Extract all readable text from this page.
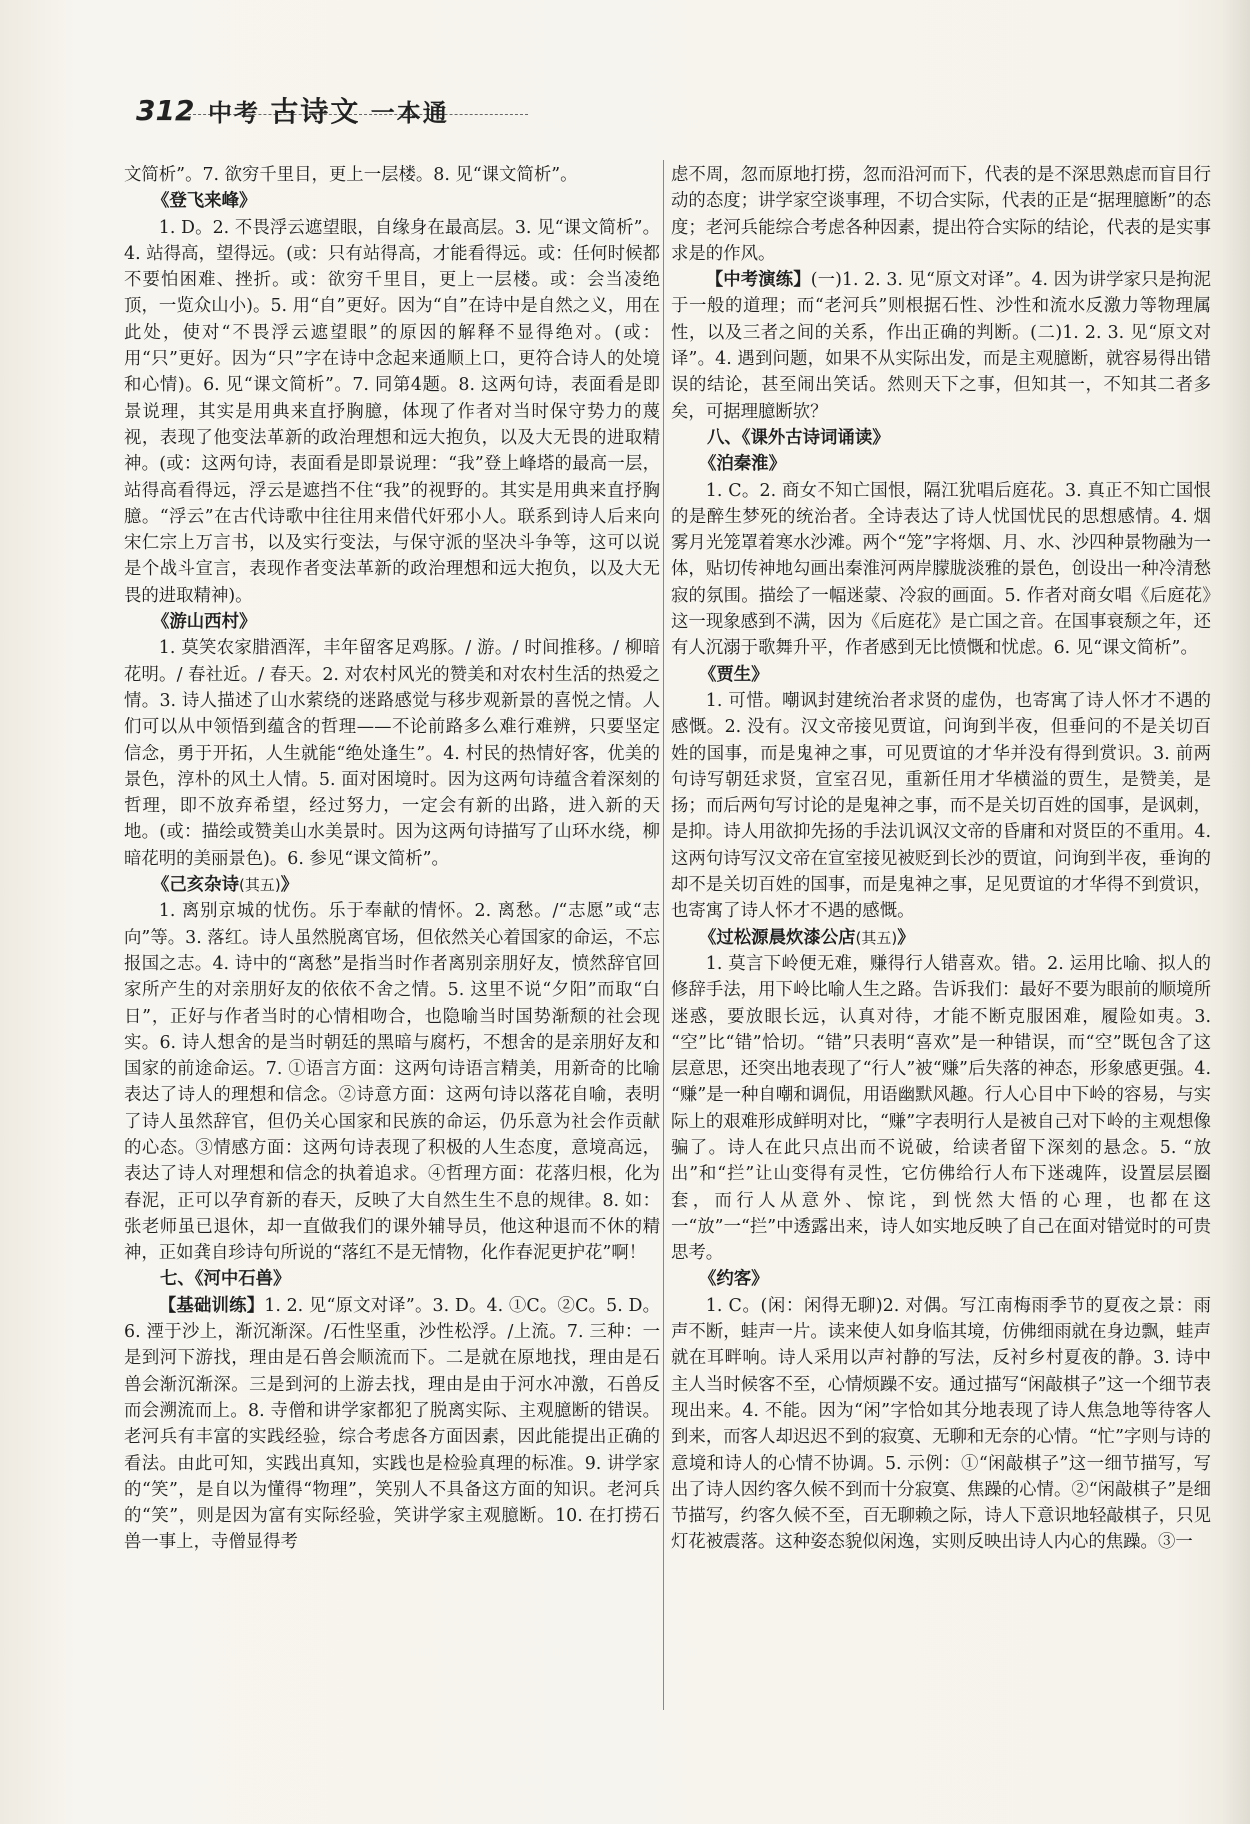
312 中考 古诗文 一本通

文简析”。7. 欲穷千里目，更上一层楼。8. 见“课文简析”。

《登飞来峰》

1. D。2. 不畏浮云遮望眼，自缘身在最高层。3. 见“课文简析”。4. 站得高，望得远。(或：只有站得高，才能看得远。或：任何时候都不要怕困难、挫折。或：欲穷千里目，更上一层楼。或：会当凌绝顶，一览众山小)。5. 用“自”更好。因为“自”在诗中是自然之义，用在此处，使对“不畏浮云遮望眼”的原因的解释不显得绝对。(或：用“只”更好。因为“只”字在诗中念起来通顺上口，更符合诗人的处境和心情)。6. 见“课文简析”。7. 同第4题。8. 这两句诗，表面看是即景说理，其实是用典来直抒胸臆，体现了作者对当时保守势力的蔑视，表现了他变法革新的政治理想和远大抱负，以及大无畏的进取精神。(或：这两句诗，表面看是即景说理：“我”登上峰塔的最高一层，站得高看得远，浮云是遮挡不住“我”的视野的。其实是用典来直抒胸臆。“浮云”在古代诗歌中往往用来借代奸邪小人。联系到诗人后来向宋仁宗上万言书，以及实行变法，与保守派的坚决斗争等，这可以说是个战斗宣言，表现作者变法革新的政治理想和远大抱负，以及大无畏的进取精神)。

《游山西村》

1. 莫笑农家腊酒浑，丰年留客足鸡豚。/ 游。/ 时间推移。/ 柳暗花明。/ 春社近。/ 春天。2. 对农村风光的赞美和对农村生活的热爱之情。3. 诗人描述了山水萦绕的迷路感觉与移步观新景的喜悦之情。人们可以从中领悟到蕴含的哲理——不论前路多么难行难辨，只要坚定信念，勇于开拓，人生就能“绝处逢生”。4. 村民的热情好客，优美的景色，淳朴的风土人情。5. 面对困境时。因为这两句诗蕴含着深刻的哲理，即不放弃希望，经过努力，一定会有新的出路，进入新的天地。(或：描绘或赞美山水美景时。因为这两句诗描写了山环水绕，柳暗花明的美丽景色)。6. 参见“课文简析”。

《己亥杂诗(其五)》

1. 离别京城的忧伤。乐于奉献的情怀。2. 离愁。/“志愿”或“志向”等。3. 落红。诗人虽然脱离官场，但依然关心着国家的命运，不忘报国之志。4. 诗中的“离愁”是指当时作者离别亲朋好友，愤然辞官回家所产生的对亲朋好友的依依不舍之情。5. 这里不说“夕阳”而取“白日”，正好与作者当时的心情相吻合，也隐喻当时国势渐颓的社会现实。6. 诗人想舍的是当时朝廷的黑暗与腐朽，不想舍的是亲朋好友和国家的前途命运。7. ①语言方面：这两句诗语言精美，用新奇的比喻表达了诗人的理想和信念。②诗意方面：这两句诗以落花自喻，表明了诗人虽然辞官，但仍关心国家和民族的命运，仍乐意为社会作贡献的心态。③情感方面：这两句诗表现了积极的人生态度，意境高远，表达了诗人对理想和信念的执着追求。④哲理方面：花落归根，化为春泥，正可以孕育新的春天，反映了大自然生生不息的规律。8. 如：张老师虽已退休，却一直做我们的课外辅导员，他这种退而不休的精神，正如龚自珍诗句所说的“落红不是无情物，化作春泥更护花”啊！

七、《河中石兽》

【基础训练】1. 2. 见“原文对译”。3. D。4. ①C。②C。5. D。6. 湮于沙上，渐沉渐深。/石性坚重，沙性松浮。/上流。7. 三种：一是到河下游找，理由是石兽会顺流而下。二是就在原地找，理由是石兽会渐沉渐深。三是到河的上游去找，理由是由于河水冲激，石兽反而会溯流而上。8. 寺僧和讲学家都犯了脱离实际、主观臆断的错误。老河兵有丰富的实践经验，综合考虑各方面因素，因此能提出正确的看法。由此可知，实践出真知，实践也是检验真理的标准。9. 讲学家的“笑”，是自以为懂得“物理”，笑别人不具备这方面的知识。老河兵的“笑”，则是因为富有实际经验，笑讲学家主观臆断。10. 在打捞石兽一事上，寺僧显得考

虑不周，忽而原地打捞，忽而沿河而下，代表的是不深思熟虑而盲目行动的态度；讲学家空谈事理，不切合实际，代表的正是“据理臆断”的态度；老河兵能综合考虑各种因素，提出符合实际的结论，代表的是实事求是的作风。

【中考演练】(一)1. 2. 3. 见“原文对译”。4. 因为讲学家只是拘泥于一般的道理；而“老河兵”则根据石性、沙性和流水反激力等物理属性，以及三者之间的关系，作出正确的判断。(二)1. 2. 3. 见“原文对译”。4. 遇到问题，如果不从实际出发，而是主观臆断，就容易得出错误的结论，甚至闹出笑话。然则天下之事，但知其一，不知其二者多矣，可据理臆断欤？

八、《课外古诗词诵读》

《泊秦淮》

1. C。2. 商女不知亡国恨，隔江犹唱后庭花。3. 真正不知亡国恨的是醉生梦死的统治者。全诗表达了诗人忧国忧民的思想感情。4. 烟雾月光笼罩着寒水沙滩。两个“笼”字将烟、月、水、沙四种景物融为一体，贴切传神地勾画出秦淮河两岸朦胧淡雅的景色，创设出一种冷清愁寂的氛围。描绘了一幅迷蒙、冷寂的画面。5. 作者对商女唱《后庭花》这一现象感到不满，因为《后庭花》是亡国之音。在国事衰颓之年，还有人沉溺于歌舞升平，作者感到无比愤慨和忧虑。6. 见“课文简析”。

《贾生》

1. 可惜。嘲讽封建统治者求贤的虚伪，也寄寓了诗人怀才不遇的感慨。2. 没有。汉文帝接见贾谊，问询到半夜，但垂问的不是关切百姓的国事，而是鬼神之事，可见贾谊的才华并没有得到赏识。3. 前两句诗写朝廷求贤，宣室召见，重新任用才华横溢的贾生，是赞美，是扬；而后两句写讨论的是鬼神之事，而不是关切百姓的国事，是讽刺，是抑。诗人用欲抑先扬的手法讥讽汉文帝的昏庸和对贤臣的不重用。4. 这两句诗写汉文帝在宣室接见被贬到长沙的贾谊，问询到半夜，垂询的却不是关切百姓的国事，而是鬼神之事，足见贾谊的才华得不到赏识，也寄寓了诗人怀才不遇的感慨。

《过松源晨炊漆公店(其五)》

1. 莫言下岭便无难，赚得行人错喜欢。错。2. 运用比喻、拟人的修辞手法，用下岭比喻人生之路。告诉我们：最好不要为眼前的顺境所迷惑，要放眼长远，认真对待，才能不断克服困难，履险如夷。3. “空”比“错”恰切。“错”只表明“喜欢”是一种错误，而“空”既包含了这层意思，还突出地表现了“行人”被“赚”后失落的神态，形象感更强。4. “赚”是一种自嘲和调侃，用语幽默风趣。行人心目中下岭的容易，与实际上的艰难形成鲜明对比，“赚”字表明行人是被自己对下岭的主观想像骗了。诗人在此只点出而不说破，给读者留下深刻的悬念。5. “放出”和“拦”让山变得有灵性，它仿佛给行人布下迷魂阵，设置层层圈套，而行人从意外、惊诧，到恍然大悟的心理，也都在这一“放”一“拦”中透露出来，诗人如实地反映了自己在面对错觉时的可贵思考。

《约客》

1. C。(闲：闲得无聊)2. 对偶。写江南梅雨季节的夏夜之景：雨声不断，蛙声一片。读来使人如身临其境，仿佛细雨就在身边飘，蛙声就在耳畔响。诗人采用以声衬静的写法，反衬乡村夏夜的静。3. 诗中主人当时候客不至，心情烦躁不安。通过描写“闲敲棋子”这一个细节表现出来。4. 不能。因为“闲”字恰如其分地表现了诗人焦急地等待客人到来，而客人却迟迟不到的寂寞、无聊和无奈的心情。“忙”字则与诗的意境和诗人的心情不协调。5. 示例：①“闲敲棋子”这一细节描写，写出了诗人因约客久候不到而十分寂寞、焦躁的心情。②“闲敲棋子”是细节描写，约客久候不至，百无聊赖之际，诗人下意识地轻敲棋子，只见灯花被震落。这种姿态貌似闲逸，实则反映出诗人内心的焦躁。③一
